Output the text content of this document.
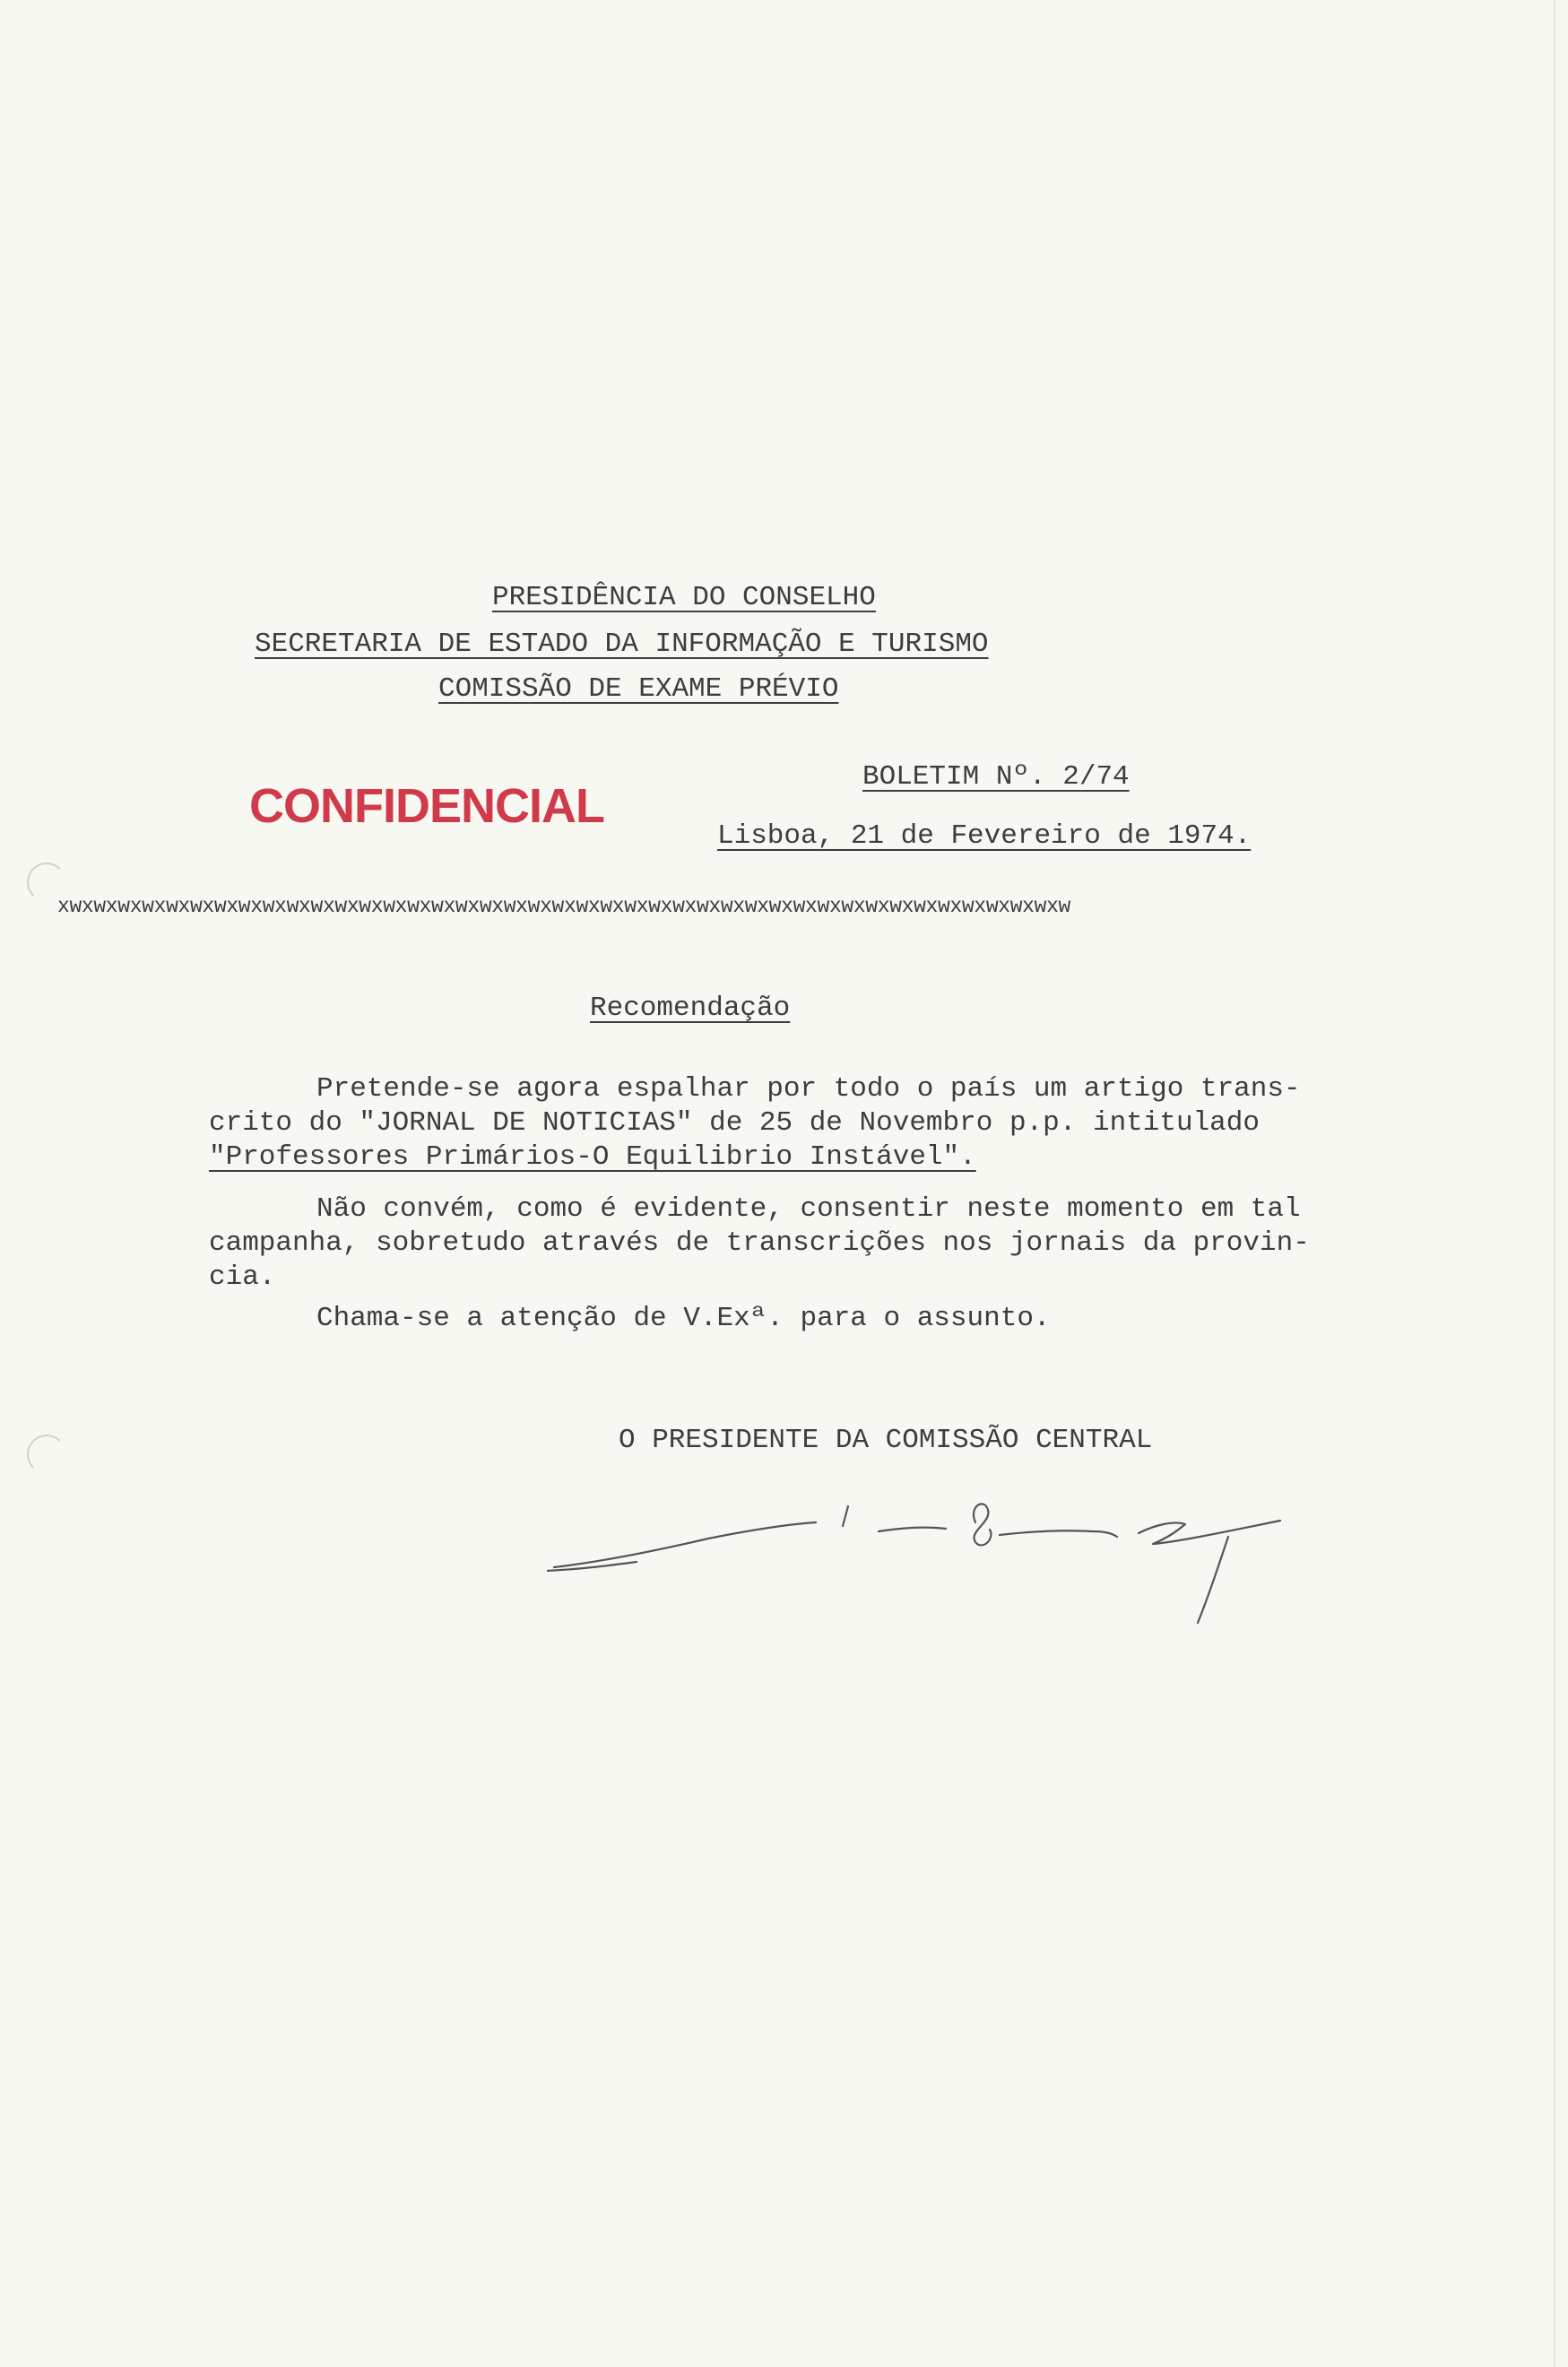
PRESIDÊNCIA DO CONSELHO

SECRETARIA DE ESTADO DA INFORMAÇÃO E TURISMO

COMISSÃO DE EXAME PRÉVIO

CONFIDENCIAL

BOLETIM Nº. 2/74

Lisboa, 21 de Fevereiro de 1974.

xwxwxwxwxwxwxwxwxwxwxwxwxwxwxwxwxwxwxwxwxwxwxwxwxwxwxwxwxwxwxwxwxwxwxwxwxwxwxwxwxwxw

Recomendação

Pretende-se agora espalhar por todo o país um artigo trans-

crito do "JORNAL DE NOTICIAS" de 25 de Novembro p.p. intitulado

"Professores Primários-O Equilibrio Instável".

Não convém, como é evidente, consentir neste momento em tal

campanha, sobretudo através de transcrições nos jornais da provin-

cia.

Chama-se a atenção de V.Exª. para o assunto.

O PRESIDENTE DA COMISSÃO CENTRAL
